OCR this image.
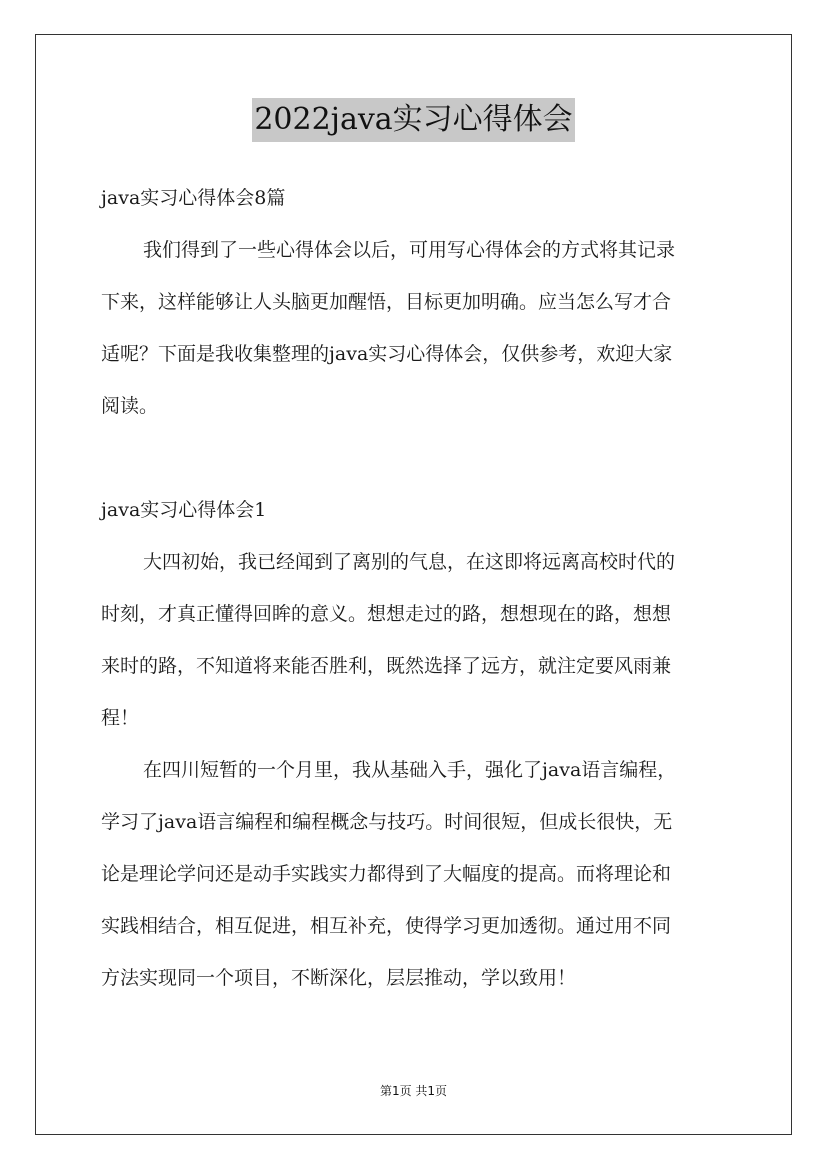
2022java实习心得体会
java实习心得体会8篇
我们得到了一些心得体会以后，可用写心得体会的方式将其记录
下来，这样能够让人头脑更加醒悟，目标更加明确。应当怎么写才合
适呢？下面是我收集整理的java实习心得体会，仅供参考，欢迎大家
阅读。
java实习心得体会1
大四初始，我已经闻到了离别的气息，在这即将远离高校时代的
时刻，才真正懂得回眸的意义。想想走过的路，想想现在的路，想想
来时的路，不知道将来能否胜利，既然选择了远方，就注定要风雨兼
程！
在四川短暂的一个月里，我从基础入手，强化了java语言编程，
学习了java语言编程和编程概念与技巧。时间很短，但成长很快，无
论是理论学问还是动手实践实力都得到了大幅度的提高。而将理论和
实践相结合，相互促进，相互补充，使得学习更加透彻。通过用不同
方法实现同一个项目，不断深化，层层推动，学以致用！
第1页 共1页
